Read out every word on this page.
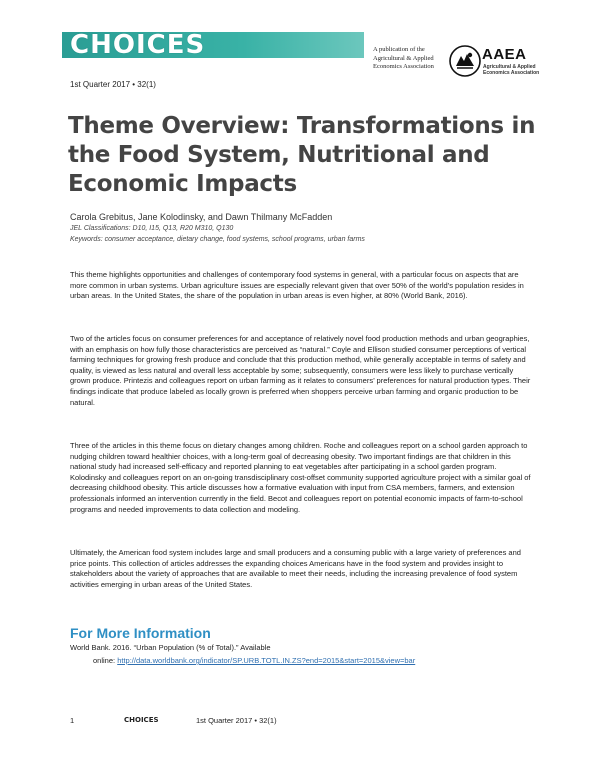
CHOICES	A publication of the Agricultural & Applied Economics Association
AAEA
Agricultural & Applied Economics Association
1st Quarter 2017 • 32(1)
Theme Overview: Transformations in the Food System, Nutritional and Economic Impacts
Carola Grebitus, Jane Kolodinsky, and Dawn Thilmany McFadden
JEL Classifications: D10, I15, Q13, R20 M310, Q130
Keywords: consumer acceptance, dietary change, food systems, school programs, urban farms

This theme highlights opportunities and challenges of contemporary food systems in general, with a particular focus on aspects that are more common in urban systems. Urban agriculture issues are especially relevant given that over 50% of the world’s population resides in urban areas. In the United States, the share of the population in urban areas is even higher, at 80% (World Bank, 2016).

Two of the articles focus on consumer preferences for and acceptance of relatively novel food production methods and urban geographies, with an emphasis on how fully those characteristics are perceived as “natural.” Coyle and Ellison studied consumer perceptions of vertical farming techniques for growing fresh produce and conclude that this production method, while generally acceptable in terms of safety and quality, is viewed as less natural and overall less acceptable by some; subsequently, consumers were less likely to purchase vertically grown produce. Printezis and colleagues report on urban farming as it relates to consumers’ preferences for natural production types. Their findings indicate that produce labeled as locally grown is preferred when shoppers perceive urban farming and organic production to be natural.

Three of the articles in this theme focus on dietary changes among children. Roche and colleagues report on a school garden approach to nudging children toward healthier choices, with a long-term goal of decreasing obesity. Two important findings are that children in this national study had increased self-efficacy and reported planning to eat vegetables after participating in a school garden program. Kolodinsky and colleagues report on an on-going transdisciplinary cost-offset community supported agriculture project with a similar goal of decreasing childhood obesity. This article discusses how a formative evaluation with input from CSA members, farmers, and extension professionals informed an intervention currently in the field. Becot and colleagues report on potential economic impacts of farm-to-school programs and needed improvements to data collection and modeling.

Ultimately, the American food system includes large and small producers and a consuming public with a large variety of preferences and price points. This collection of articles addresses the expanding choices Americans have in the food system and provides insight to stakeholders about the variety of approaches that are available to meet their needs, including the increasing prevalence of food system activities emerging in urban areas of the United States.

For More Information
World Bank. 2016. “Urban Population (% of Total).” Available
online: http://data.worldbank.org/indicator/SP.URB.TOTL.IN.ZS?end=2015&start=2015&view=bar
1	CHOICES	1st Quarter 2017 • 32(1)
